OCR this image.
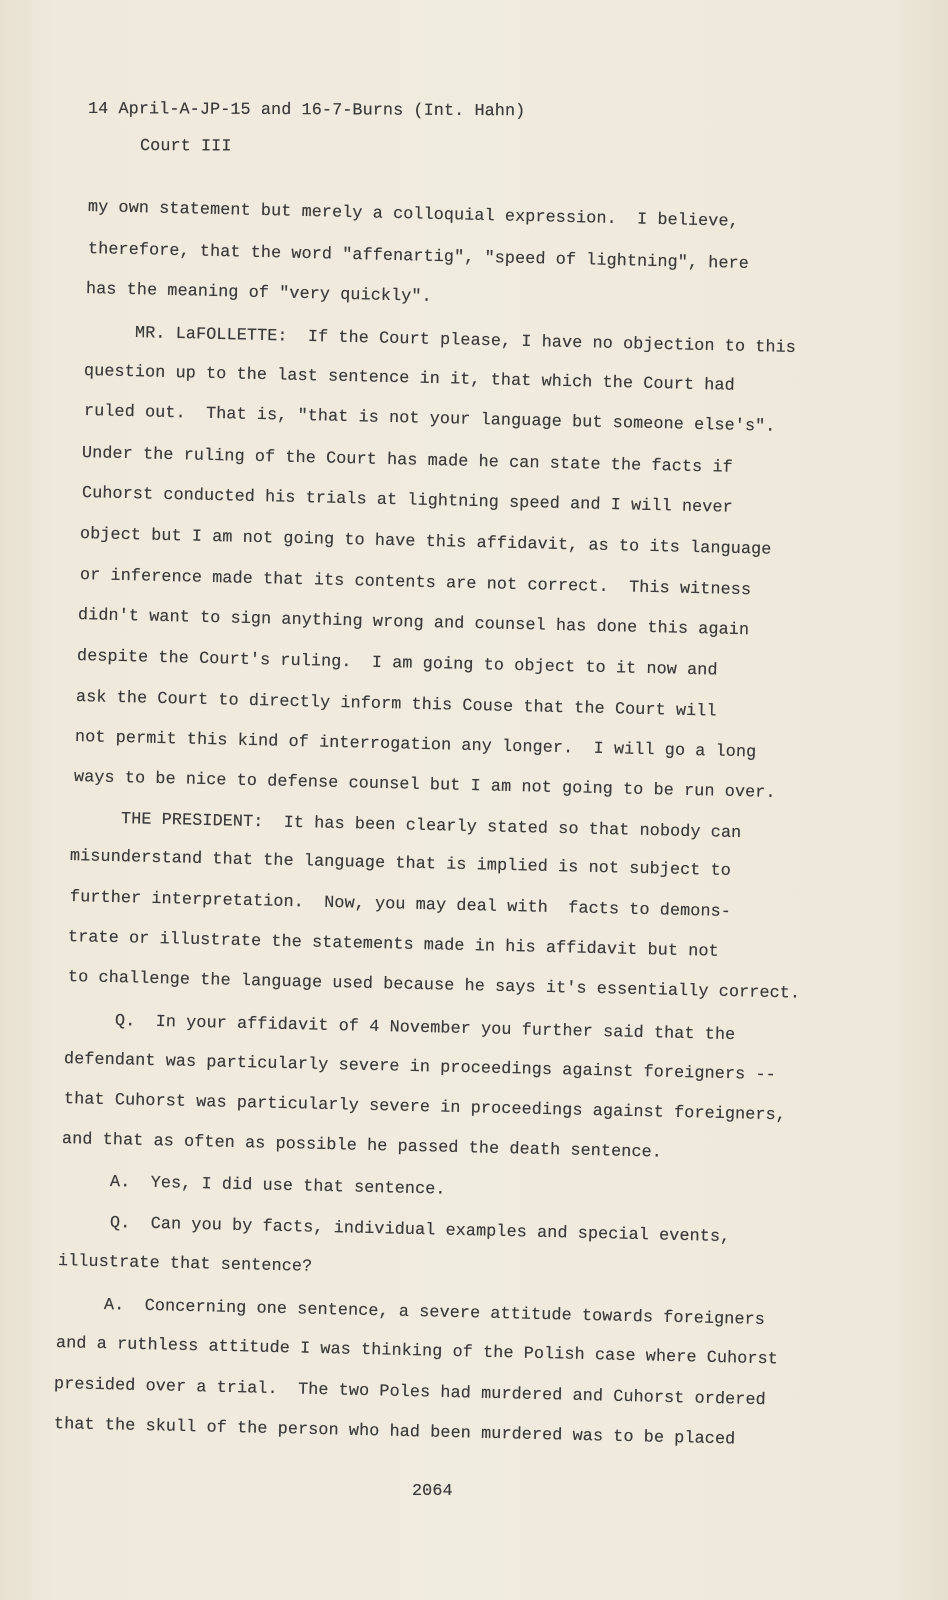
14 April-A-JP-15 and 16-7-Burns (Int. Hahn)
Court III
my own statement but merely a colloquial expression.  I believe,
therefore, that the word "affenartig", "speed of lightning", here
has the meaning of "very quickly".
MR. LaFOLLETTE:  If the Court please, I have no objection to this
question up to the last sentence in it, that which the Court had
ruled out.  That is, "that is not your language but someone else's".
Under the ruling of the Court has made he can state the facts if
Cuhorst conducted his trials at lightning speed and I will never
object but I am not going to have this affidavit, as to its language
or inference made that its contents are not correct.  This witness
didn't want to sign anything wrong and counsel has done this again
despite the Court's ruling.  I am going to object to it now and
ask the Court to directly inform this Couse that the Court will
not permit this kind of interrogation any longer.  I will go a long
ways to be nice to defense counsel but I am not going to be run over.
THE PRESIDENT:  It has been clearly stated so that nobody can
misunderstand that the language that is implied is not subject to
further interpretation.  Now, you may deal with  facts to demons-
trate or illustrate the statements made in his affidavit but not
to challenge the language used because he says it's essentially correct.
Q.  In your affidavit of 4 November you further said that the
defendant was particularly severe in proceedings against foreigners --
that Cuhorst was particularly severe in proceedings against foreigners,
and that as often as possible he passed the death sentence.
A.  Yes, I did use that sentence.
Q.  Can you by facts, individual examples and special events,
illustrate that sentence?
A.  Concerning one sentence, a severe attitude towards foreigners
and a ruthless attitude I was thinking of the Polish case where Cuhorst
presided over a trial.  The two Poles had murdered and Cuhorst ordered
that the skull of the person who had been murdered was to be placed
2064
